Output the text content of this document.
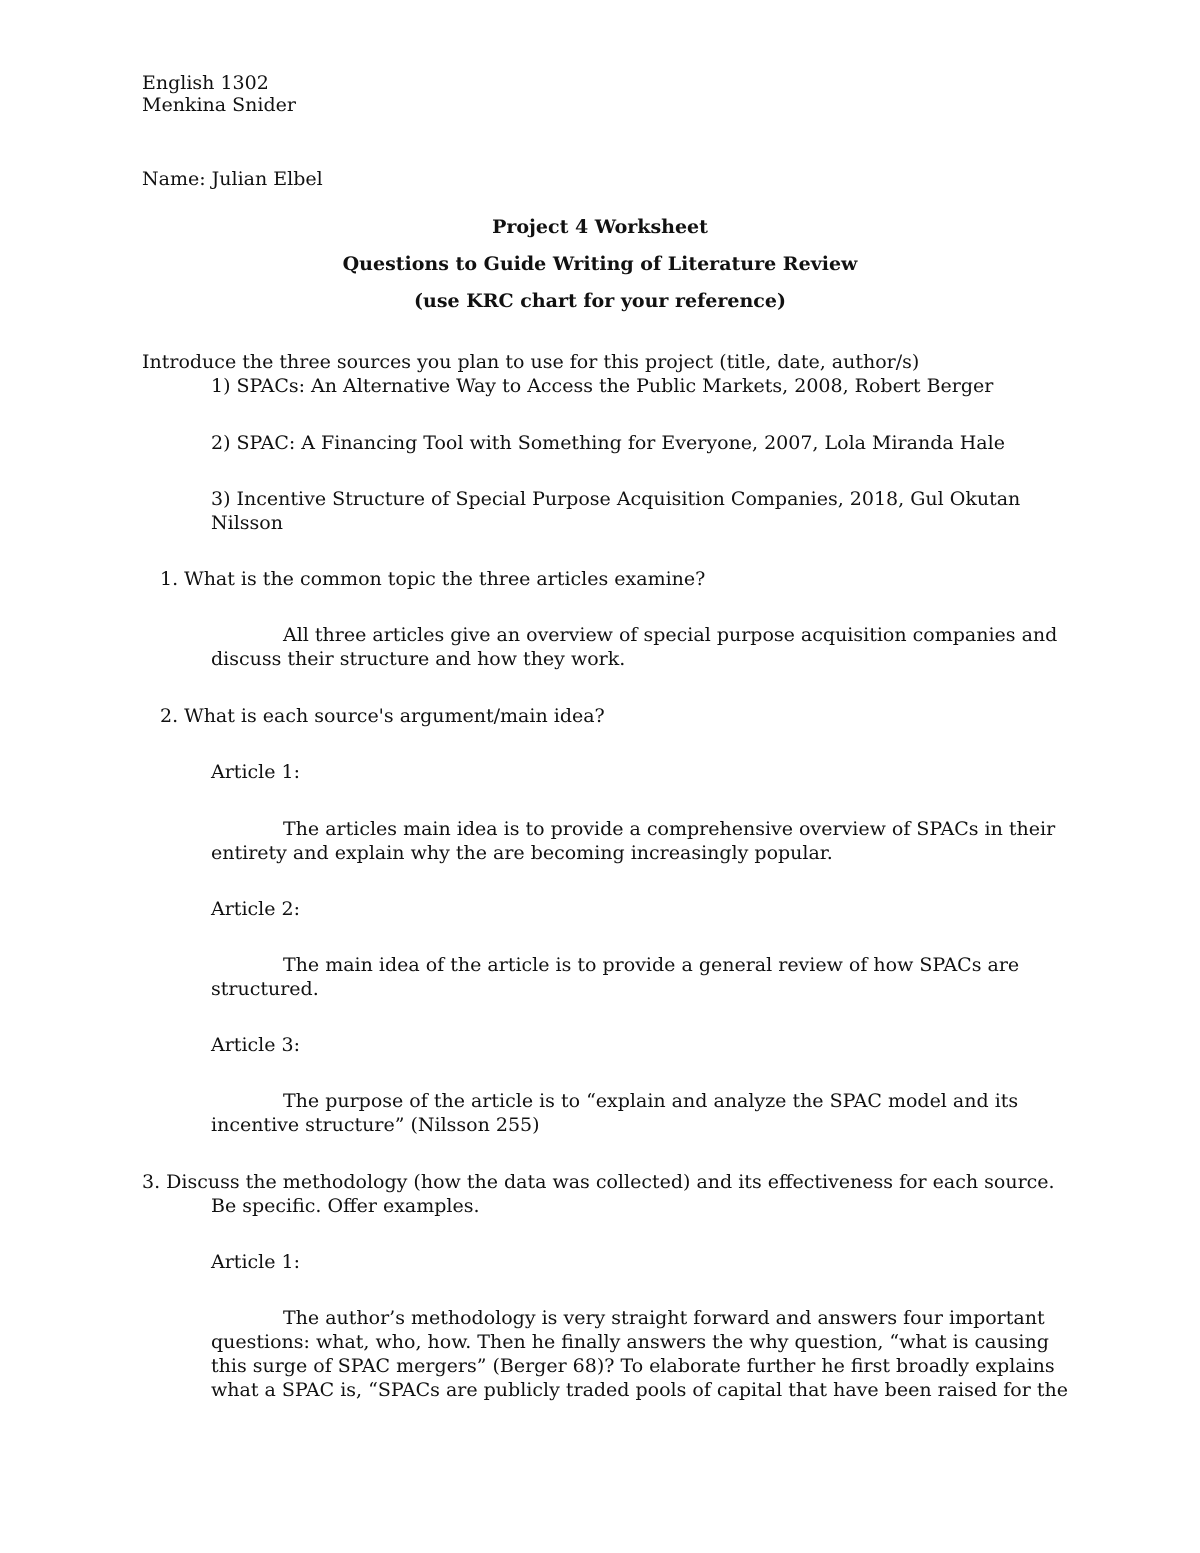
English 1302
Menkina Snider
Name: Julian Elbel
Project 4 Worksheet
Questions to Guide Writing of Literature Review
(use KRC chart for your reference)
Introduce the three sources you plan to use for this project (title, date, author/s)
1) SPACs: An Alternative Way to Access the Public Markets, 2008, Robert Berger
2) SPAC: A Financing Tool with Something for Everyone, 2007, Lola Miranda Hale
3) Incentive Structure of Special Purpose Acquisition Companies, 2018, Gul Okutan
Nilsson
1. What is the common topic the three articles examine?
All three articles give an overview of special purpose acquisition companies and
discuss their structure and how they work.
2. What is each source's argument/main idea?
Article 1:
The articles main idea is to provide a comprehensive overview of SPACs in their
entirety and explain why the are becoming increasingly popular.
Article 2:
The main idea of the article is to provide a general review of how SPACs are
structured.
Article 3:
The purpose of the article is to “explain and analyze the SPAC model and its
incentive structure” (Nilsson 255)
3. Discuss the methodology (how the data was collected) and its effectiveness for each source.
Be specific. Offer examples.
Article 1:
The author’s methodology is very straight forward and answers four important
questions: what, who, how. Then he finally answers the why question, “what is causing
this surge of SPAC mergers” (Berger 68)? To elaborate further he first broadly explains
what a SPAC is, “SPACs are publicly traded pools of capital that have been raised for the
